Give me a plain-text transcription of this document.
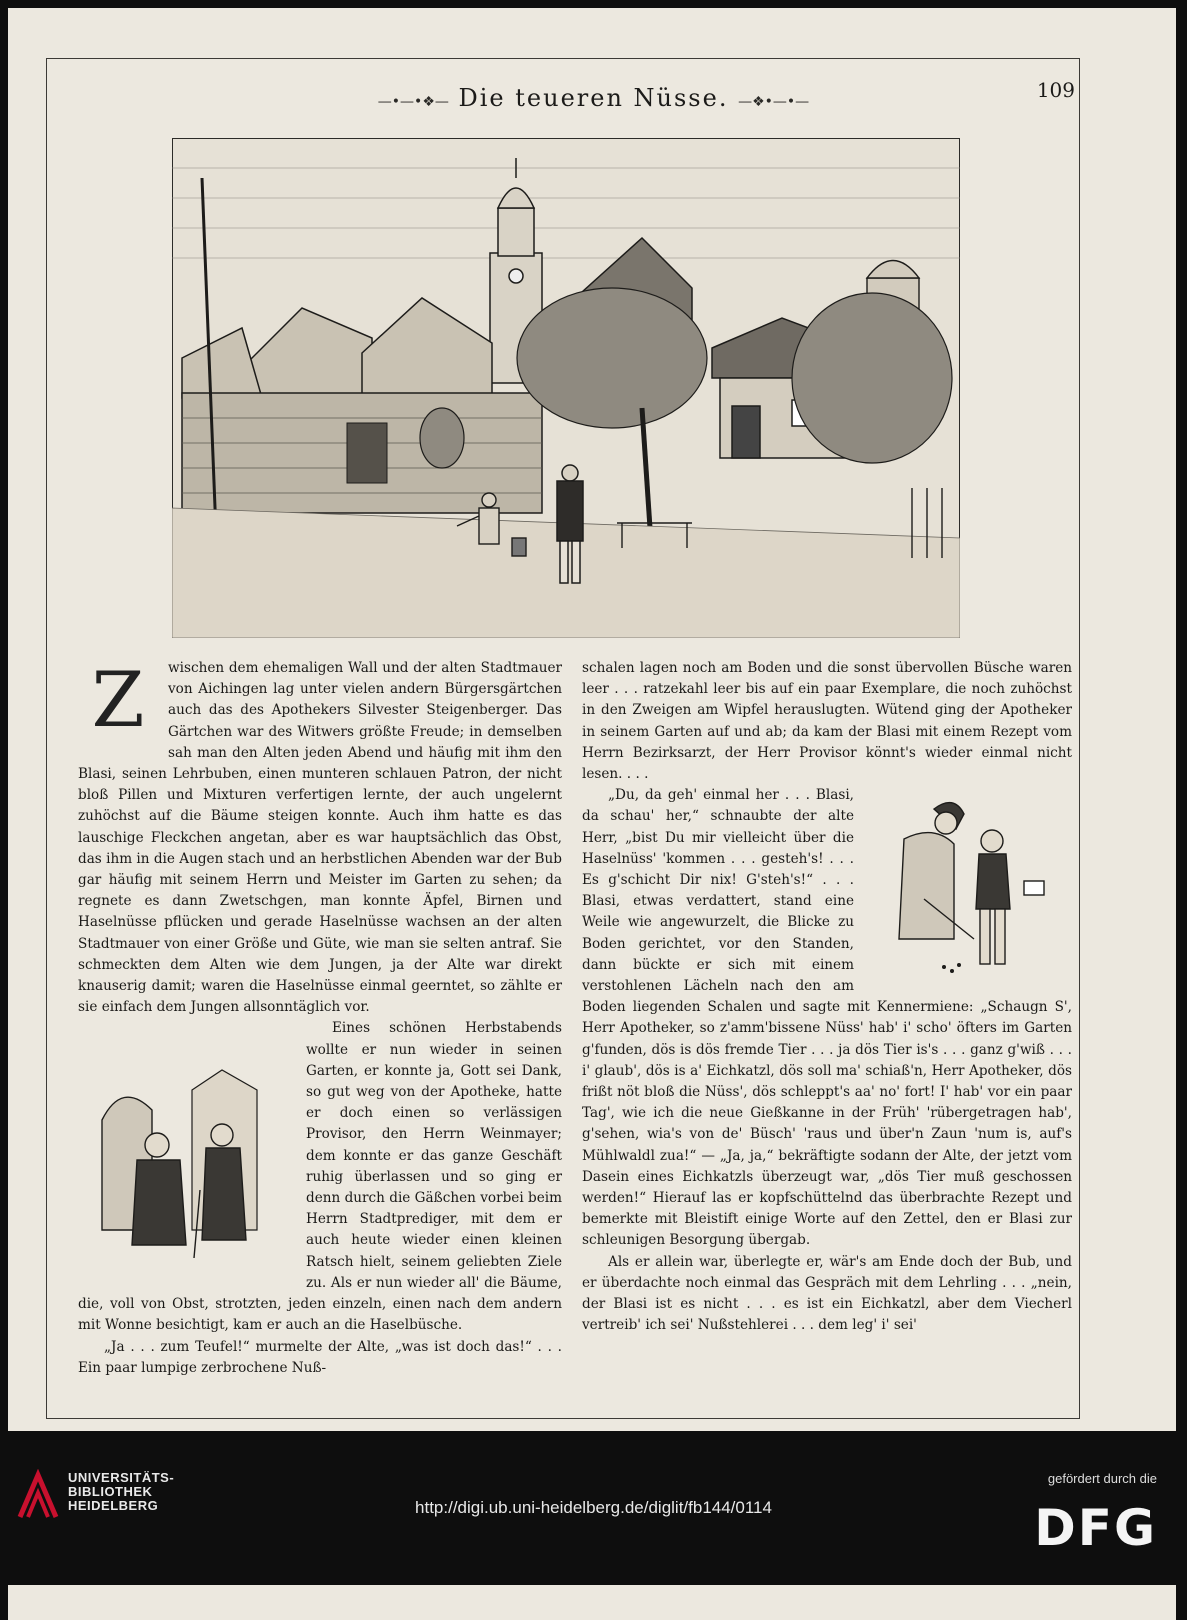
—•—•❖— Die teueren Nüsse. —❖•—•—	109
Z	wischen dem ehemaligen Wall und der alten Stadtmauer von Aichingen lag unter vielen andern Bürgersgärtchen auch das des Apothekers Silvester Steigenberger. Das Gärtchen war des Witwers größte Freude; in demselben sah man den Alten jeden Abend und häufig mit ihm den Blasi, seinen Lehrbuben, einen munteren schlauen Patron, der nicht bloß Pillen und Mixturen verfertigen lernte, der auch ungelernt zuhöchst auf die Bäume steigen konnte. Auch ihm hatte es das lauschige Fleckchen angetan, aber es war hauptsächlich das Obst, das ihm in die Augen stach und an herbstlichen Abenden war der Bub gar häufig mit seinem Herrn und Meister im Garten zu sehen; da regnete es dann Zwetschgen, man konnte Äpfel, Birnen und Haselnüsse pflücken und gerade Haselnüsse wachsen an der alten Stadtmauer von einer Größe und Güte, wie man sie selten antraf. Sie schmeckten dem Alten wie dem Jungen, ja der Alte war direkt knauserig damit; waren die Haselnüsse einmal geerntet, so zählte er sie einfach dem Jungen allsonntäglich vor.

Eines schönen Herbstabends wollte er nun wieder in seinen Garten, er konnte ja, Gott sei Dank, so gut weg von der Apotheke, hatte er doch einen so verlässigen Provisor, den Herrn Weinmayer; dem konnte er das ganze Geschäft ruhig überlassen und so ging er denn durch die Gäßchen vorbei beim Herrn Stadtprediger, mit dem er auch heute wieder einen kleinen Ratsch hielt, seinem geliebten Ziele zu. Als er nun wieder all' die Bäume, die, voll von Obst, strotzten, jeden einzeln, einen nach dem andern mit Wonne besichtigt, kam er auch an die Haselbüsche.

„Ja . . . zum Teufel!“ murmelte der Alte, „was ist doch das!“ . . . Ein paar lumpige zerbrochene Nuß-

schalen lagen noch am Boden und die sonst übervollen Büsche waren leer . . . ratzekahl leer bis auf ein paar Exemplare, die noch zuhöchst in den Zweigen am Wipfel herauslugten. Wütend ging der Apotheker in seinem Garten auf und ab; da kam der Blasi mit einem Rezept vom Herrn Bezirksarzt, der Herr Provisor könnt's wieder einmal nicht lesen. . . .

„Du, da geh' einmal her . . . Blasi, da schau' her,“ schnaubte der alte Herr, „bist Du mir vielleicht über die Haselnüss' 'kommen . . . gesteh's! . . . Es g'schicht Dir nix! G'steh's!“ . . . Blasi, etwas verdattert, stand eine Weile wie angewurzelt, die Blicke zu Boden gerichtet, vor den Standen, dann bückte er sich mit einem verstohlenen Lächeln nach den am Boden liegenden Schalen und sagte mit Kennermiene: „Schaugn S', Herr Apotheker, so z'amm'bissene Nüss' hab' i' scho' öfters im Garten g'funden, dös is dös fremde Tier . . . ja dös Tier is's . . . ganz g'wiß . . . i' glaub', dös is a' Eichkatzl, dös soll ma' schiaß'n, Herr Apotheker, dös frißt nöt bloß die Nüss', dös schleppt's aa' no' fort! I' hab' vor ein paar Tag', wie ich die neue Gießkanne in der Früh' 'rübergetragen hab', g'sehen, wia's von de' Büsch' 'raus und über'n Zaun 'num is, auf's Mühlwaldl zua!“ — „Ja, ja,“ bekräftigte sodann der Alte, der jetzt vom Dasein eines Eichkatzls überzeugt war, „dös Tier muß geschossen werden!“ Hierauf las er kopfschüttelnd das überbrachte Rezept und bemerkte mit Bleistift einige Worte auf den Zettel, den er Blasi zur schleunigen Besorgung übergab.

Als er allein war, überlegte er, wär's am Ende doch der Bub, und er überdachte noch einmal das Gespräch mit dem Lehrling . . . „nein, der Blasi ist es nicht . . . es ist ein Eichkatzl, aber dem Viecherl vertreib' ich sei' Nußstehlerei . . . dem leg' i' sei'

UNIVERSITÄTS-
BIBLIOTHEK
HEIDELBERG	http://digi.ub.uni-heidelberg.de/diglit/fb144/0114
gefördert durch die
DFG
